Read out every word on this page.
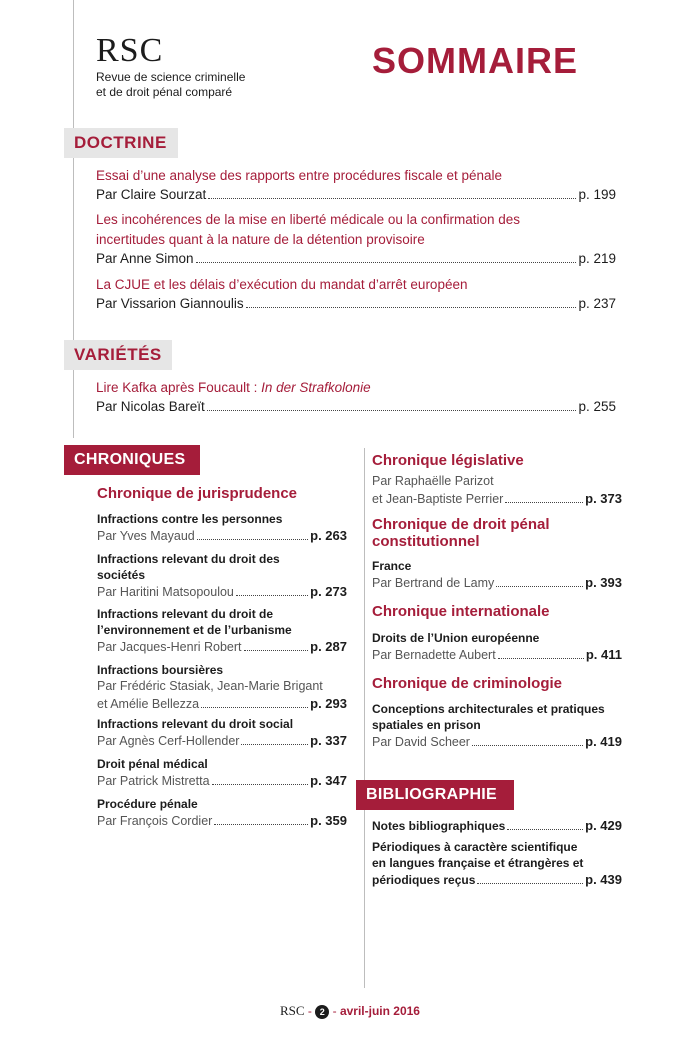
RSC
Revue de science criminelle
et de droit pénal comparé
SOMMAIRE
DOCTRINE
Essai d’une analyse des rapports entre procédures fiscale et pénale
Par Claire Sourzat	p. 199
Les incohérences de la mise en liberté médicale ou la confirmation des
incertitudes quant à la nature de la détention provisoire
Par Anne Simon	p. 219
La CJUE et les délais d’exécution du mandat d’arrêt européen
Par Vissarion Giannoulis	p. 237
VARIÉTÉS
Lire Kafka après Foucault : In der Strafkolonie
Par Nicolas Bareït	p. 255
CHRONIQUES
Chronique de jurisprudence
Infractions contre les personnes
Par Yves Mayaud	p. 263
Infractions relevant du droit des
sociétés
Par Haritini Matsopoulou	p. 273
Infractions relevant du droit de
l’environnement et de l’urbanisme
Par Jacques-Henri Robert	p. 287
Infractions boursières
Par Frédéric Stasiak, Jean-Marie Brigant
et Amélie Bellezza	p. 293
Infractions relevant du droit social
Par Agnès Cerf-Hollender	p. 337
Droit pénal médical
Par Patrick Mistretta	p. 347
Procédure pénale
Par François Cordier	p. 359
Chronique législative
Par Raphaëlle Parizot
et Jean-Baptiste Perrier	p. 373
Chronique de droit pénal
constitutionnel
France
Par Bertrand de Lamy	p. 393
Chronique internationale
Droits de l’Union européenne
Par Bernadette Aubert	p. 411
Chronique de criminologie
Conceptions architecturales et pratiques
spatiales en prison
Par David Scheer	p. 419
BIBLIOGRAPHIE
Notes bibliographiques	p. 429
Périodiques à caractère scientifique
en langues française et étrangères et
périodiques reçus	p. 439
RSC - 2 - avril-juin 2016
